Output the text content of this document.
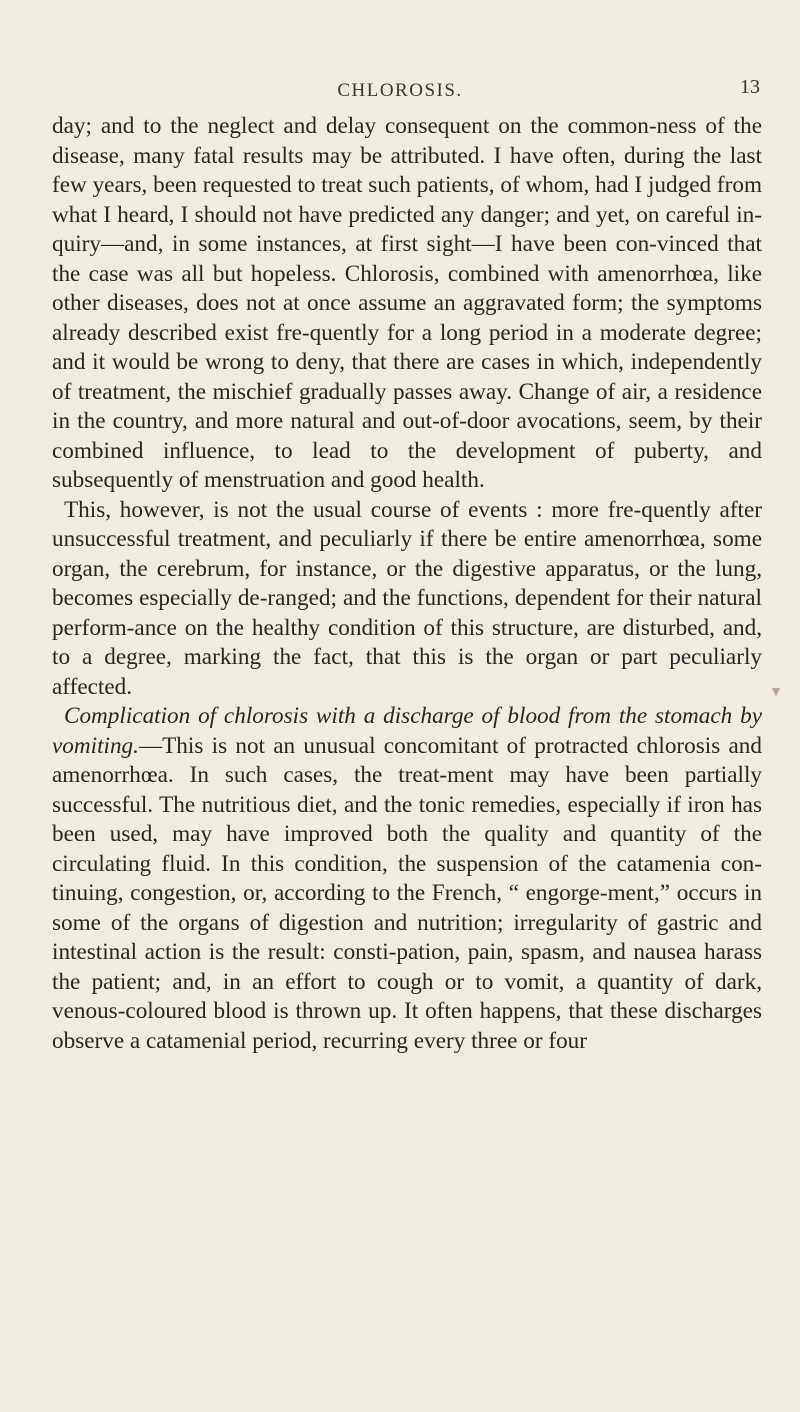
CHLOROSIS.	13

day; and to the neglect and delay consequent on the common-ness of the disease, many fatal results may be attributed. I have often, during the last few years, been requested to treat such patients, of whom, had I judged from what I heard, I should not have predicted any danger; and yet, on careful in-quiry—and, in some instances, at first sight—I have been con-vinced that the case was all but hopeless. Chlorosis, combined with amenorrhœa, like other diseases, does not at once assume an aggravated form; the symptoms already described exist fre-quently for a long period in a moderate degree; and it would be wrong to deny, that there are cases in which, independently of treatment, the mischief gradually passes away. Change of air, a residence in the country, and more natural and out-of-door avocations, seem, by their combined influence, to lead to the development of puberty, and subsequently of menstruation and good health.

This, however, is not the usual course of events : more fre-quently after unsuccessful treatment, and peculiarly if there be entire amenorrhœa, some organ, the cerebrum, for instance, or the digestive apparatus, or the lung, becomes especially de-ranged; and the functions, dependent for their natural perform-ance on the healthy condition of this structure, are disturbed, and, to a degree, marking the fact, that this is the organ or part peculiarly affected.

Complication of chlorosis with a discharge of blood from the stomach by vomiting.—This is not an unusual concomitant of protracted chlorosis and amenorrhœa. In such cases, the treat-ment may have been partially successful. The nutritious diet, and the tonic remedies, especially if iron has been used, may have improved both the quality and quantity of the circulating fluid. In this condition, the suspension of the catamenia con-tinuing, congestion, or, according to the French, “ engorge-ment,” occurs in some of the organs of digestion and nutrition; irregularity of gastric and intestinal action is the result: consti-pation, pain, spasm, and nausea harass the patient; and, in an effort to cough or to vomit, a quantity of dark, venous-coloured blood is thrown up. It often happens, that these discharges observe a catamenial period, recurring every three or four
